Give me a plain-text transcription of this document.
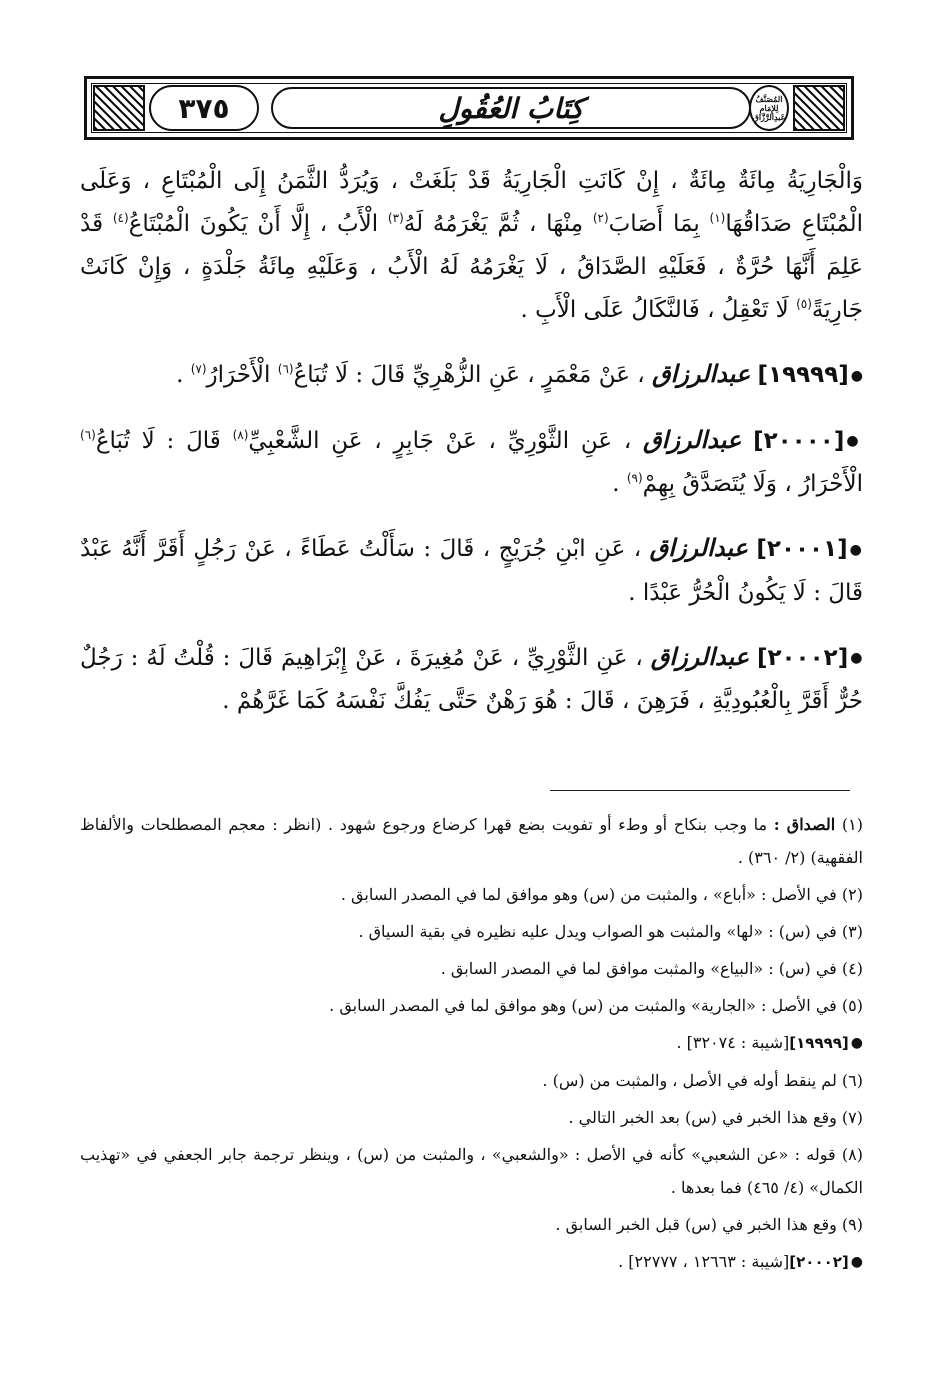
٣٧٥	كِتَابُ العُقُولِ	المُصَنَّفُ لِلإِمَامِ عَبدِالرَّزَّاقِ

وَالْجَارِيَةُ مِائَةٌ مِائَةٌ ، إِنْ كَانَتِ الْجَارِيَةُ قَدْ بَلَغَتْ ، وَيُرَدُّ الثَّمَنُ إِلَى الْمُبْتَاعِ ، وَعَلَى الْمُبْتَاعِ صَدَاقُهَا$^{(١)}$ بِمَا أَصَابَ$^{(٢)}$ مِنْهَا ، ثُمَّ يَغْرَمُهُ لَهُ$^{(٣)}$ الْأَبُ ، إِلَّا أَنْ يَكُونَ الْمُبْتَاعُ$^{(٤)}$ قَدْ عَلِمَ أَنَّهَا حُرَّةٌ ، فَعَلَيْهِ الصَّدَاقُ ، لَا يَغْرَمُهُ لَهُ الْأَبُ ، وَعَلَيْهِ مِائَةُ جَلْدَةٍ ، وَإِنْ كَانَتْ جَارِيَةً$^{(٥)}$ لَا تَعْقِلُ ، فَالنَّكَالُ عَلَى الْأَبِ .

●[١٩٩٩٩] عبدالرزاق ، عَنْ مَعْمَرٍ ، عَنِ الزُّهْرِيِّ قَالَ : لَا تُبَاعُ$^{(٦)}$ الْأَحْرَارُ$^{(٧)}$ .

●[٢٠٠٠٠] عبدالرزاق ، عَنِ الثَّوْرِيِّ ، عَنْ جَابِرٍ ، عَنِ الشَّعْبِيِّ$^{(٨)}$ قَالَ : لَا تُبَاعُ$^{(٦)}$ الْأَحْرَارُ ، وَلَا يُتَصَدَّقُ بِهِمْ$^{(٩)}$ .

●[٢٠٠٠١] عبدالرزاق ، عَنِ ابْنِ جُرَيْجٍ ، قَالَ : سَأَلْتُ عَطَاءً ، عَنْ رَجُلٍ أَقَرَّ أَنَّهُ عَبْدٌ قَالَ : لَا يَكُونُ الْحُرُّ عَبْدًا .

●[٢٠٠٠٢] عبدالرزاق ، عَنِ الثَّوْرِيِّ ، عَنْ مُغِيرَةَ ، عَنْ إِبْرَاهِيمَ قَالَ : قُلْتُ لَهُ : رَجُلٌ حُرٌّ أَقَرَّ بِالْعُبُودِيَّةِ ، فَرَهِنَ ، قَالَ : هُوَ رَهْنٌ حَتَّى يَفُكَّ نَفْسَهُ كَمَا غَرَّهُمْ .

(١) الصداق : ما وجب بنكاح أو وطء أو تفويت بضع قهرا كرضاع ورجوع شهود . (انظر : معجم المصطلحات والألفاظ الفقهية) (٢/ ٣٦٠) .

(٢) في الأصل : «أباع» ، والمثبت من (س) وهو موافق لما في المصدر السابق .

(٣) في (س) : «لها» والمثبت هو الصواب ويدل عليه نظيره في بقية السياق .

(٤) في (س) : «البياع» والمثبت موافق لما في المصدر السابق .

(٥) في الأصل : «الجارية» والمثبت من (س) وهو موافق لما في المصدر السابق .

●[١٩٩٩٩][شيبة : ٣٢٠٧٤] .

(٦) لم ينقط أوله في الأصل ، والمثبت من (س) .

(٧) وقع هذا الخبر في (س) بعد الخبر التالي .

(٨) قوله : «عن الشعبي» كأنه في الأصل : «والشعبي» ، والمثبت من (س) ، وينظر ترجمة جابر الجعفي في «تهذيب الكمال» (٤/ ٤٦٥) فما بعدها .

(٩) وقع هذا الخبر في (س) قبل الخبر السابق .

●[٢٠٠٠٢][شيبة : ١٢٦٦٣ ، ٢٢٧٧٧] .
